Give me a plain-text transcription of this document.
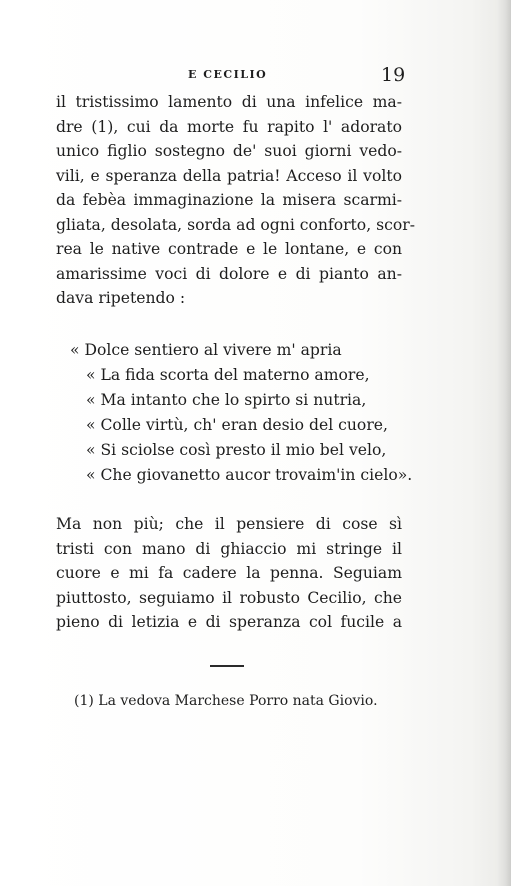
E CECILIO	19
il tristissimo lamento di una infelice ma-
dre (1), cui da morte fu rapito l' adorato
unico figlio sostegno de' suoi giorni vedo-
vili, e speranza della patria! Acceso il volto
da febèa immaginazione la misera scarmi-
gliata, desolata, sorda ad ogni conforto, scor-
rea le native contrade e le lontane, e con
amarissime voci di dolore e di pianto an-
dava ripetendo :
« Dolce sentiero al vivere m' apria
« La fida scorta del materno amore,
« Ma intanto che lo spirto si nutria,
« Colle virtù, ch' eran desio del cuore,
« Si sciolse così presto il mio bel velo,
« Che giovanetto aucor trovaim'in cielo».
Ma non più; che il pensiere di cose sì
tristi con mano di ghiaccio mi stringe il
cuore e mi fa cadere la penna. Seguiam
piuttosto, seguiamo il robusto Cecilio, che
pieno di letizia e di speranza col fucile a
(1) La vedova Marchese Porro nata Giovio.
